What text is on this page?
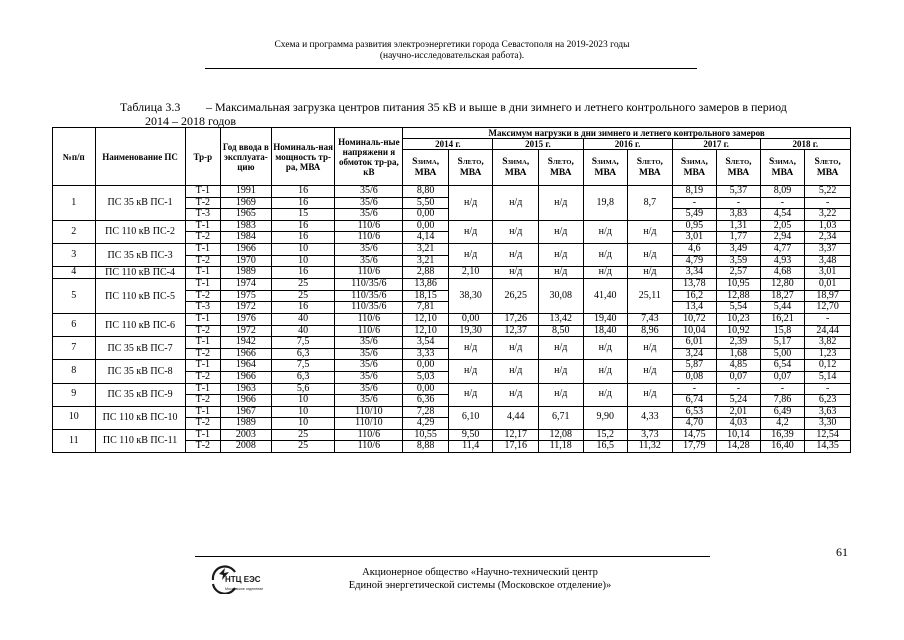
Схема и программа развития электроэнергетики города Севастополя на 2019-2023 годы
(научно-исследовательская работа).
Таблица 3.3 – Максимальная загрузка центров питания 35 кВ и выше в дни зимнего и летнего контрольного замеров в период
2014 – 2018 годов
№п/п	Наименование ПС	Тр-р	Год ввода в эксплуата-цию	Номиналь-ная мощность тр-ра, МВА	Номиналь-ные напряжени я обмоток тр-ра, кВ	Максимум нагрузки в дни зимнего и летнего контрольного замеров									
						2014 г.		2015 г.		2016 г.		2017 г.		2018 г.	
						SЗИМА, МВА	SЛЕТО, МВА	SЗИМА, МВА	SЛЕТО, МВА	SЗИМА, МВА	SЛЕТО, МВА	SЗИМА, МВА	SЛЕТО, МВА	SЗИМА, МВА	SЛЕТО, МВА
1	ПС 35 кВ ПС-1	Т-1	1991	16	35/6	8,80	н/д	н/д	н/д	19,8	8,7	8,19	5,37	8,09	5,22
		Т-2	1969	16	35/6	5,50						-	-	-	-
		Т-3	1965	15	35/6	0,00						5,49	3,83	4,54	3,22
2	ПС 110 кВ ПС-2	Т-1	1983	16	110/6	0,00	н/д	н/д	н/д	н/д	н/д	0,95	1,31	2,05	1,03
		Т-2	1984	16	110/6	4,14						3,01	1,77	2,94	2,34
3	ПС 35 кВ ПС-3	Т-1	1966	10	35/6	3,21	н/д	н/д	н/д	н/д	н/д	4,6	3,49	4,77	3,37
		Т-2	1970	10	35/6	3,21						4,79	3,59	4,93	3,48
4	ПС 110 кВ ПС-4	Т-1	1989	16	110/6	2,88	2,10	н/д	н/д	н/д	н/д	3,34	2,57	4,68	3,01
5	ПС 110 кВ ПС-5	Т-1	1974	25	110/35/6	13,86	38,30	26,25	30,08	41,40	25,11	13,78	10,95	12,80	0,01
		Т-2	1975	25	110/35/6	18,15						16,2	12,88	18,27	18,97
		Т-3	1972	16	110/35/6	7,81						13,4	5,54	5,44	12,70
6	ПС 110 кВ ПС-6	Т-1	1976	40	110/6	12,10	0,00	17,26	13,42	19,40	7,43	10,72	10,23	16,21	-
		Т-2	1972	40	110/6	12,10	19,30	12,37	8,50	18,40	8,96	10,04	10,92	15,8	24,44
7	ПС 35 кВ ПС-7	Т-1	1942	7,5	35/6	3,54	н/д	н/д	н/д	н/д	н/д	6,01	2,39	5,17	3,82
		Т-2	1966	6,3	35/6	3,33						3,24	1,68	5,00	1,23
8	ПС 35 кВ ПС-8	Т-1	1964	7,5	35/6	0,00	н/д	н/д	н/д	н/д	н/д	5,87	4,85	6,54	0,12
		Т-2	1966	6,3	35/6	5,03						0,08	0,07	0,07	5,14
9	ПС 35 кВ ПС-9	Т-1	1963	5,6	35/6	0,00	н/д	н/д	н/д	н/д	н/д	-	-	-	-
		Т-2	1966	10	35/6	6,36						6,74	5,24	7,86	6,23
10	ПС 110 кВ ПС-10	Т-1	1967	10	110/10	7,28	6,10	4,44	6,71	9,90	4,33	6,53	2,01	6,49	3,63
		Т-2	1989	10	110/10	4,29						4,70	4,03	4,2	3,30
11	ПС 110 кВ ПС-11	Т-1	2003	25	110/6	10,55	9,50	12,17	12,08	15,2	3,73	14,75	10,14	16,39	12,54
		Т-2	2008	25	110/6	8,88	11,4	17,16	11,18	16,5	11,32	17,79	14,28	16,40	14,35
61
НТЦ ЕЭС
Московское отделение
Акционерное общество «Научно-технический центр
Единой энергетической системы (Московское отделение)»
